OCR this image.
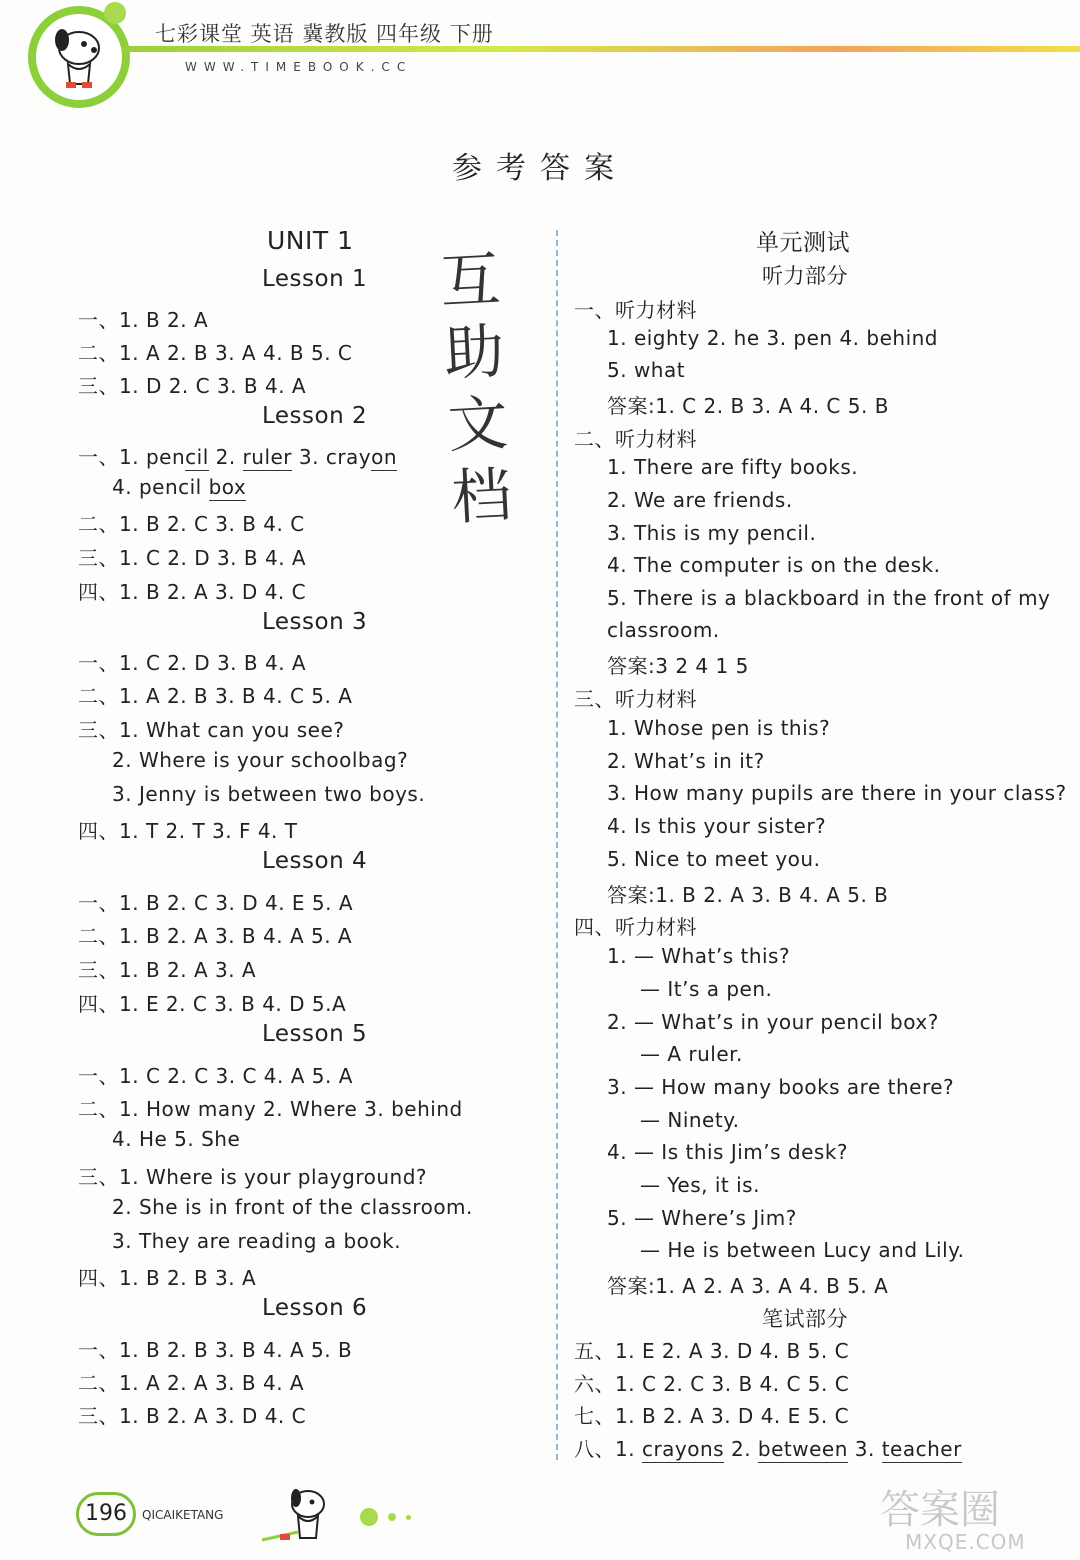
七彩课堂 英语 冀教版 四年级 下册
WWW.TIMEBOOK.CC
参考答案
互助文档
UNIT 1
Lesson 1
一、1. B 2. A
二、1. A 2. B 3. A 4. B 5. C
三、1. D 2. C 3. B 4. A
Lesson 2
一、1. pencil 2. ruler 3. crayon
4. pencil box
二、1. B 2. C 3. B 4. C
三、1. C 2. D 3. B 4. A
四、1. B 2. A 3. D 4. C
Lesson 3
一、1. C 2. D 3. B 4. A
二、1. A 2. B 3. B 4. C 5. A
三、1. What can you see?
2. Where is your schoolbag?
3. Jenny is between two boys.
四、1. T 2. T 3. F 4. T
Lesson 4
一、1. B 2. C 3. D 4. E 5. A
二、1. B 2. A 3. B 4. A 5. A
三、1. B 2. A 3. A
四、1. E 2. C 3. B 4. D 5.A
Lesson 5
一、1. C 2. C 3. C 4. A 5. A
二、1. How many 2. Where 3. behind
4. He 5. She
三、1. Where is your playground?
2. She is in front of the classroom.
3. They are reading a book.
四、1. B 2. B 3. A
Lesson 6
一、1. B 2. B 3. B 4. A 5. B
二、1. A 2. A 3. B 4. A
三、1. B 2. A 3. D 4. C
单元测试
听力部分
一、听力材料
1. eighty 2. he 3. pen 4. behind
5. what
答案:1. C 2. B 3. A 4. C 5. B
二、听力材料
1. There are fifty books.
2. We are friends.
3. This is my pencil.
4. The computer is on the desk.
5. There is a blackboard in the front of my
classroom.
答案:3 2 4 1 5
三、听力材料
1. Whose pen is this?
2. What’s in it?
3. How many pupils are there in your class?
4. Is this your sister?
5. Nice to meet you.
答案:1. B 2. A 3. B 4. A 5. B
四、听力材料
1. — What’s this?
— It’s a pen.
2. — What’s in your pencil box?
— A ruler.
3. — How many books are there?
— Ninety.
4. — Is this Jim’s desk?
— Yes, it is.
5. — Where’s Jim?
— He is between Lucy and Lily.
答案:1. A 2. A 3. A 4. B 5. A
笔试部分
五、1. E 2. A 3. D 4. B 5. C
六、1. C 2. C 3. B 4. C 5. C
七、1. B 2. A 3. D 4. E 5. C
八、1. crayons 2. between 3. teacher
196	QICAIKETANG	答案圈
MXQE.COM
